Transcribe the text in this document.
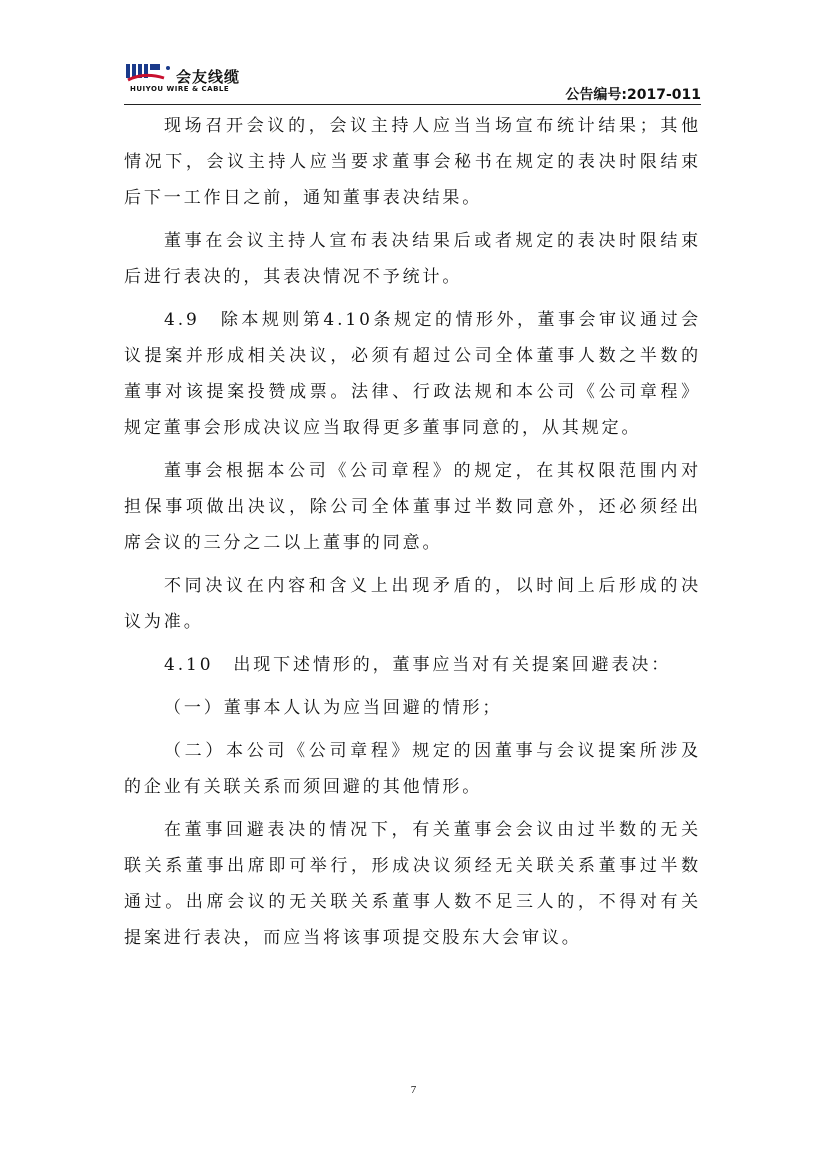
会友线缆
HUIYOU WIRE & CABLE	公告编号:2017-011

现场召开会议的，会议主持人应当当场宣布统计结果；其他情况下，会议主持人应当要求董事会秘书在规定的表决时限结束后下一工作日之前，通知董事表决结果。

董事在会议主持人宣布表决结果后或者规定的表决时限结束后进行表决的，其表决情况不予统计。

4.9　除本规则第4.10条规定的情形外，董事会审议通过会议提案并形成相关决议，必须有超过公司全体董事人数之半数的董事对该提案投赞成票。法律、行政法规和本公司《公司章程》规定董事会形成决议应当取得更多董事同意的，从其规定。

董事会根据本公司《公司章程》的规定，在其权限范围内对担保事项做出决议，除公司全体董事过半数同意外，还必须经出席会议的三分之二以上董事的同意。

不同决议在内容和含义上出现矛盾的，以时间上后形成的决议为准。

4.10　出现下述情形的，董事应当对有关提案回避表决：

（一）董事本人认为应当回避的情形；

（二）本公司《公司章程》规定的因董事与会议提案所涉及的企业有关联关系而须回避的其他情形。

在董事回避表决的情况下，有关董事会会议由过半数的无关联关系董事出席即可举行，形成决议须经无关联关系董事过半数通过。出席会议的无关联关系董事人数不足三人的，不得对有关提案进行表决，而应当将该事项提交股东大会审议。

7
